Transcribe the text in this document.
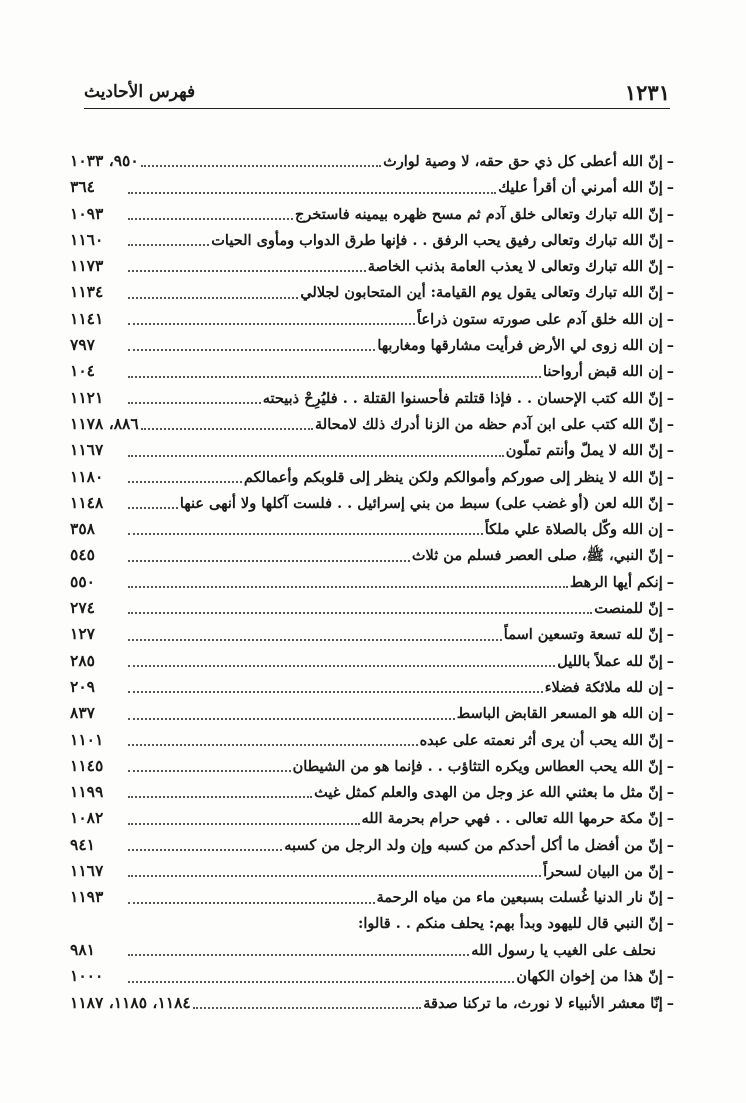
١٢٣١
فهرس الأحاديث
–
إنّ الله أعطى كل ذي حق حقه، لا وصية لوارث
٩٥٠، ١٠٣٣
–
إنّ الله أمرني أن أقرأ عليك
٣٦٤
–
إنّ الله تبارك وتعالى خلق آدم ثم مسح ظهره بيمينه فاستخرج
١٠٩٣
–
إنّ الله تبارك وتعالى رفيق يحب الرفق . . فإنها طرق الدواب ومأوى الحيات
١١٦٠
–
إنّ الله تبارك وتعالى لا يعذب العامة بذنب الخاصة
١١٧٣
–
إنّ الله تبارك وتعالى يقول يوم القيامة: أين المتحابون لجلالي
١١٣٤
–
إن الله خلق آدم على صورته ستون ذراعاً
١١٤١
–
إن الله زوى لي الأرض فرأيت مشارقها ومغاربها
٧٩٧
–
إن الله قبض أرواحنا
١٠٤
–
إنّ الله كتب الإحسان . . فإذا قتلتم فأحسنوا القتلة . . فليُرِحْ ذبيحته
١١٢١
–
إنّ الله كتب على ابن آدم حظه من الزنا أدرك ذلك لامحالة
٨٨٦، ١١٧٨
–
إنّ الله لا يملّ وأنتم تملّون
١١٦٧
–
إنّ الله لا ينظر إلى صوركم وأموالكم ولكن ينظر إلى قلوبكم وأعمالكم
١١٨٠
–
إنّ الله لعن (أو غضب على) سبط من بني إسرائيل . . فلست آكلها ولا أنهى عنها
١١٤٨
–
إن الله وكّل بالصلاة علي ملكاً
٣٥٨
–
إنّ النبي، ﷺ، صلى العصر فسلم من ثلاث
٥٤٥
–
إنكم أيها الرهط
٥٥٠
–
إنّ للمنصت
٢٧٤
–
إنّ لله تسعة وتسعين اسماً
١٢٧
–
إنّ لله عملاً بالليل
٢٨٥
–
إن لله ملائكة فضلاء
٢٠٩
–
إن الله هو المسعر القابض الباسط
٨٣٧
–
إنّ الله يحب أن يرى أثر نعمته على عبده
١١٠١
–
إنّ الله يحب العطاس ويكره التثاؤب . . فإنما هو من الشيطان
١١٤٥
–
إنّ مثل ما بعثني الله عز وجل من الهدى والعلم كمثل غيث
١١٩٩
–
إنّ مكة حرمها الله تعالى . . فهي حرام بحرمة الله
١٠٨٢
–
إنّ من أفضل ما أكل أحدكم من كسبه وإن ولد الرجل من كسبه
٩٤١
–
إنّ من البيان لسحراً
١١٦٧
–
إنّ نار الدنيا غُسلت بسبعين ماء من مياه الرحمة
١١٩٣
–
إنّ النبي قال لليهود وبدأ بهم: يحلف منكم . . قالوا:
نحلف على الغيب يا رسول الله
٩٨١
–
إنّ هذا من إخوان الكهان
١٠٠٠
–
إنّا معشر الأنبياء لا نورث، ما تركنا صدقة
١١٨٤، ١١٨٥، ١١٨٧
